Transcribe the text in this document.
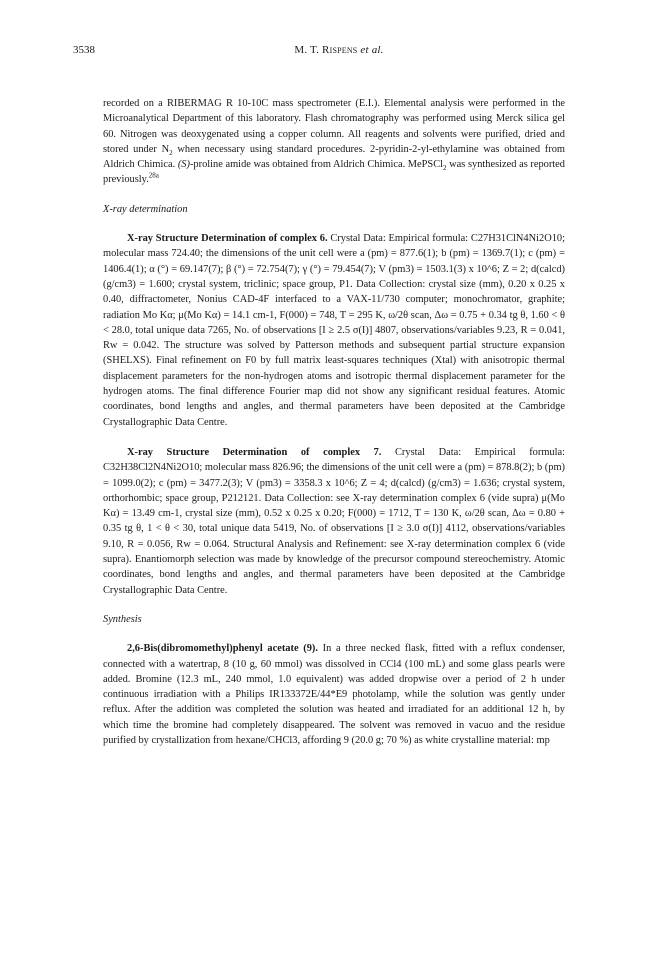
3538	M. T. Rispens et al.

recorded on a RIBERMAG R 10-10C mass spectrometer (E.I.). Elemental analysis were performed in the Microanalytical Department of this laboratory. Flash chromatography was performed using Merck silica gel 60. Nitrogen was deoxygenated using a copper column. All reagents and solvents were purified, dried and stored under $N_2$ when necessary using standard procedures. 2-pyridin-2-yl-ethylamine was obtained from Aldrich Chimica. (S)-proline amide was obtained from Aldrich Chimica. MePSCl$_2$ was synthesized as reported previously.$^{28a}$

X-ray determination

X-ray Structure Determination of complex 6. Crystal Data: Empirical formula: C27H31ClN4Ni2O10; molecular mass 724.40; the dimensions of the unit cell were a (pm) = 877.6(1); b (pm) = 1369.7(1); c (pm) = 1406.4(1); α (°) = 69.147(7); β (°) = 72.754(7); γ (°) = 79.454(7); V (pm3) = 1503.1(3) x 10^6; Z = 2; d(calcd) (g/cm3) = 1.600; crystal system, triclinic; space group, P1. Data Collection: crystal size (mm), 0.20 x 0.25 x 0.40, diffractometer, Nonius CAD-4F interfaced to a VAX-11/730 computer; monochromator, graphite; radiation Mo Kα; μ(Mo Kα) = 14.1 cm-1, F(000) = 748, T = 295 K, ω/2θ scan, Δω = 0.75 + 0.34 tg θ, 1.60 < θ < 28.0, total unique data 7265, No. of observations [I ≥ 2.5 σ(I)] 4807, observations/variables 9.23, R = 0.041, Rw = 0.042. The structure was solved by Patterson methods and subsequent partial structure expansion (SHELXS). Final refinement on F0 by full matrix least-squares techniques (Xtal) with anisotropic thermal displacement parameters for the non-hydrogen atoms and isotropic thermal displacement parameter for the hydrogen atoms. The final difference Fourier map did not show any significant residual features. Atomic coordinates, bond lengths and angles, and thermal parameters have been deposited at the Cambridge Crystallographic Data Centre.

X-ray Structure Determination of complex 7. Crystal Data: Empirical formula: C32H38Cl2N4Ni2O10; molecular mass 826.96; the dimensions of the unit cell were a (pm) = 878.8(2); b (pm) = 1099.0(2); c (pm) = 3477.2(3); V (pm3) = 3358.3 x 10^6; Z = 4; d(calcd) (g/cm3) = 1.636; crystal system, orthorhombic; space group, P212121. Data Collection: see X-ray determination complex 6 (vide supra) μ(Mo Kα) = 13.49 cm-1, crystal size (mm), 0.52 x 0.25 x 0.20; F(000) = 1712, T = 130 K, ω/2θ scan, Δω = 0.80 + 0.35 tg θ, 1 < θ < 30, total unique data 5419, No. of observations [I ≥ 3.0 σ(I)] 4112, observations/variables 9.10, R = 0.056, Rw = 0.064. Structural Analysis and Refinement: see X-ray determination complex 6 (vide supra). Enantiomorph selection was made by knowledge of the precursor compound stereochemistry. Atomic coordinates, bond lengths and angles, and thermal parameters have been deposited at the Cambridge Crystallographic Data Centre.

Synthesis

2,6-Bis(dibromomethyl)phenyl acetate (9). In a three necked flask, fitted with a reflux condenser, connected with a watertrap, 8 (10 g, 60 mmol) was dissolved in CCl4 (100 mL) and some glass pearls were added. Bromine (12.3 mL, 240 mmol, 1.0 equivalent) was added dropwise over a period of 2 h under continuous irradiation with a Philips IR133372E/44*E9 photolamp, while the solution was gently under reflux. After the addition was completed the solution was heated and irradiated for an additional 12 h, by which time the bromine had completely disappeared. The solvent was removed in vacuo and the residue purified by crystallization from hexane/CHCl3, affording 9 (20.0 g; 70 %) as white crystalline material: mp
